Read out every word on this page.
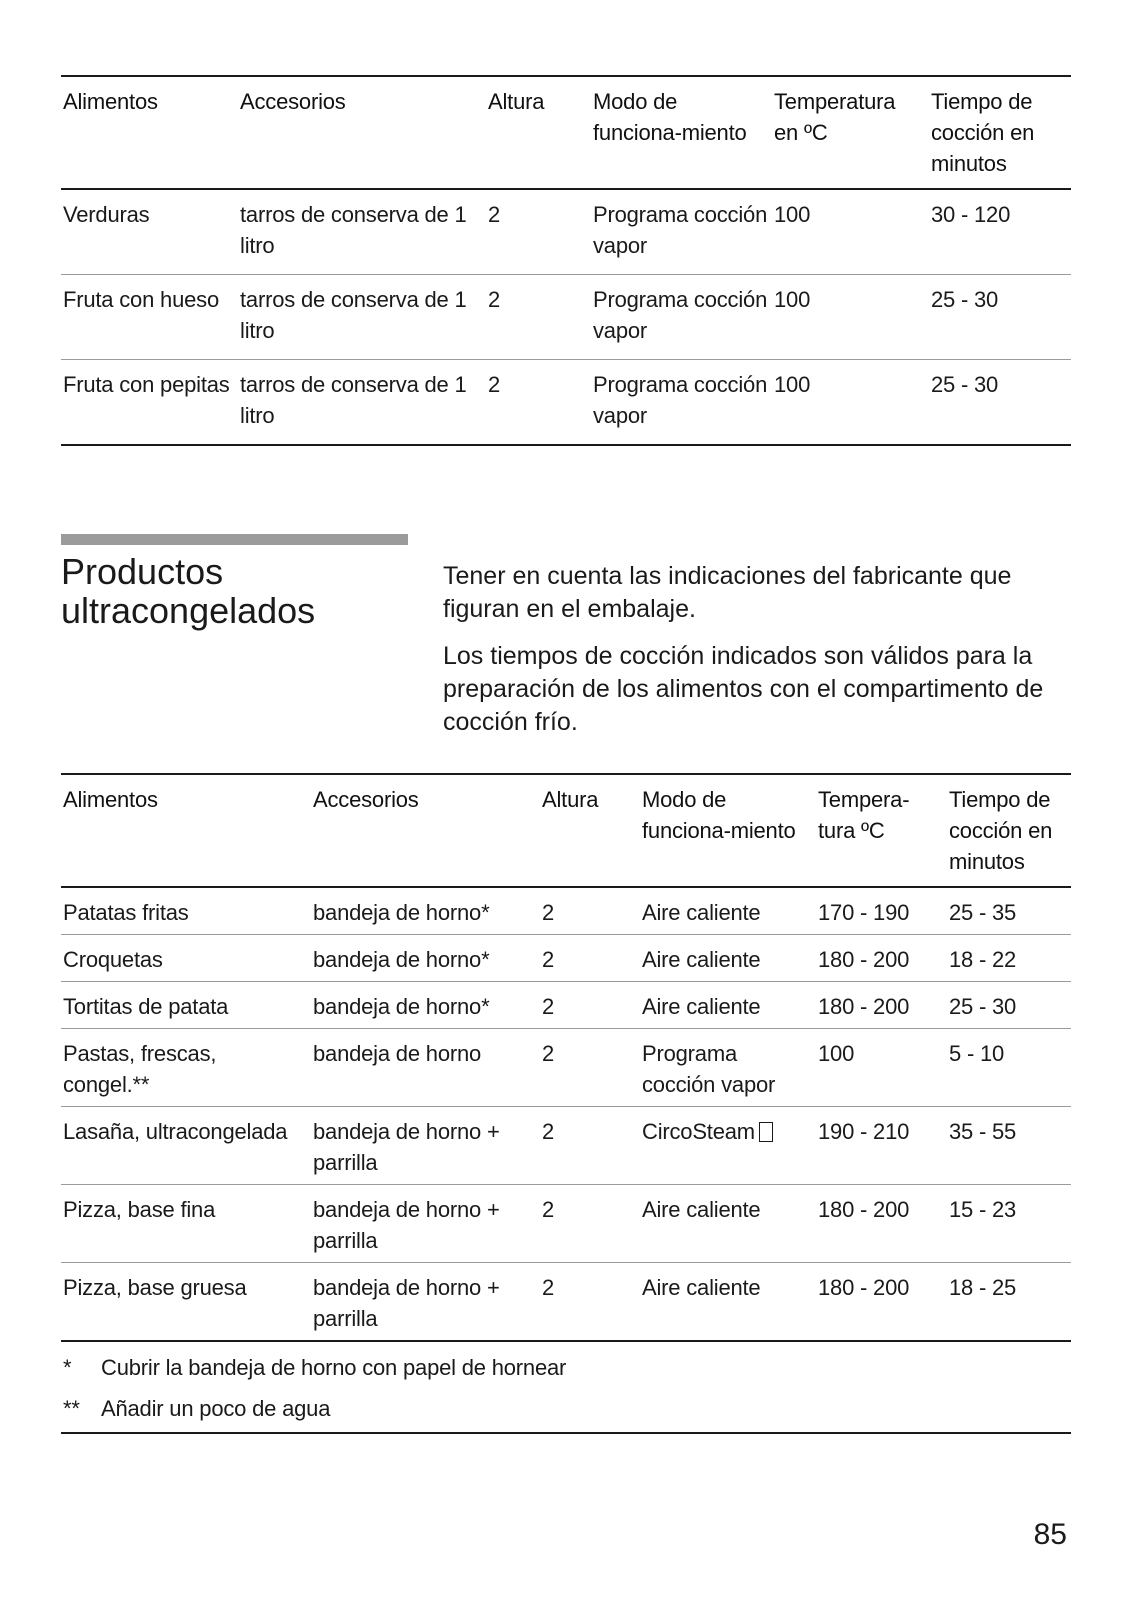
Alimentos	Accesorios	Altura	Modo de funciona-miento	Temperatura en ºC	Tiempo de cocción en minutos
Verduras	tarros de conserva de 1 litro	2	Programa cocción vapor	100	30 - 120
Fruta con hueso	tarros de conserva de 1 litro	2	Programa cocción vapor	100	25 - 30
Fruta con pepitas	tarros de conserva de 1 litro	2	Programa cocción vapor	100	25 - 30
Productos ultracongelados

Tener en cuenta las indicaciones del fabricante que figuran en el embalaje.

Los tiempos de cocción indicados son válidos para la preparación de los alimentos con el compartimento de cocción frío.

Alimentos	Accesorios	Altura	Modo de funciona-miento	Tempera-tura ºC	Tiempo de cocción en minutos
Patatas fritas	bandeja de horno*	2	Aire caliente	170 - 190	25 - 35
Croquetas	bandeja de horno*	2	Aire caliente	180 - 200	18 - 22
Tortitas de patata	bandeja de horno*	2	Aire caliente	180 - 200	25 - 30
Pastas, frescas, congel.**	bandeja de horno	2	Programa cocción vapor	100	5 - 10
Lasaña, ultracongelada	bandeja de horno + parrilla	2	CircoSteam	190 - 210	35 - 55
Pizza, base fina	bandeja de horno + parrilla	2	Aire caliente	180 - 200	15 - 23
Pizza, base gruesa	bandeja de horno + parrilla	2	Aire caliente	180 - 200	18 - 25
* Cubrir la bandeja de horno con papel de hornear					
** Añadir un poco de agua					
85
